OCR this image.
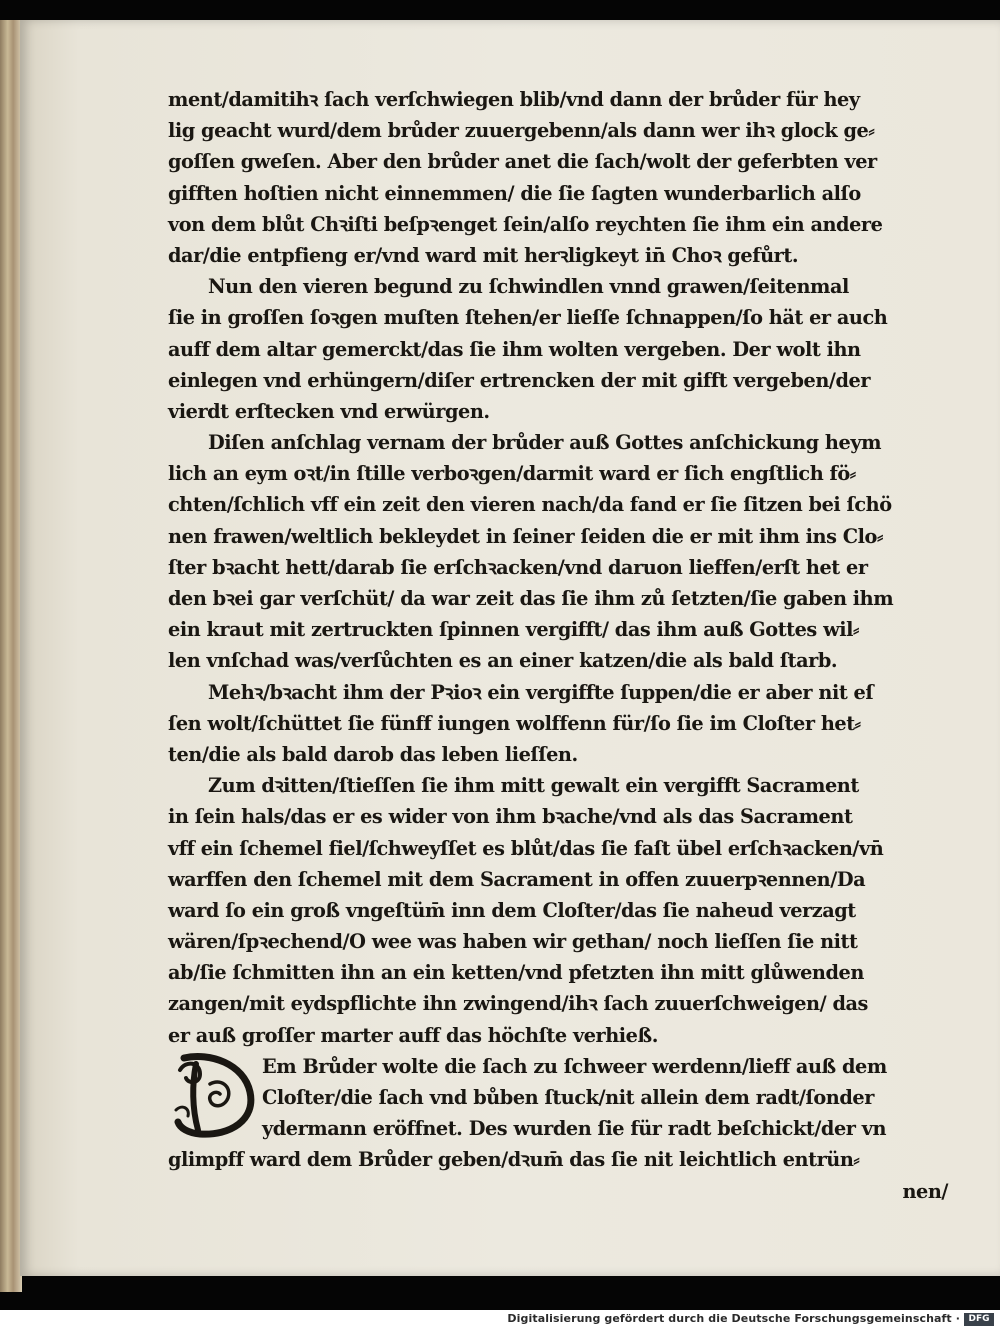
ment/damitihꝛ ſach verſchwiegen blib/vnd dann der brůder für hey
lig geacht wurd/dem brůder zuuergebenn/als dann wer ihꝛ glock ge⸗
goſſen gweſen. Aber den brůder anet die ſach/wolt der geferbten ver
gifften hoſtien nicht einnemmen/ die ſie ſagten wunderbarlich alſo
von dem blůt Chꝛiſti beſpꝛenget ſein/alſo reychten ſie ihm ein andere
dar/die entpfieng er/vnd ward mit herꝛligkeyt in̄ Choꝛ gefůrt.
Nun den vieren begund zu ſchwindlen vnnd grawen/ſeitenmal
ſie in groſſen ſoꝛgen muſten ſtehen/er lieſſe ſchnappen/ſo hät er auch
auff dem altar gemerckt/das ſie ihm wolten vergeben. Der wolt ihn
einlegen vnd erhüngern/diſer ertrencken der mit gifft vergeben/der
vierdt erſtecken vnd erwürgen.
Diſen anſchlag vernam der brůder auß Gottes anſchickung heym
lich an eym oꝛt/in ſtille verboꝛgen/darmit ward er ſich engſtlich fö⸗
chten/ſchlich vff ein zeit den vieren nach/da fand er ſie ſitzen bei ſchö
nen frawen/weltlich bekleydet in ſeiner ſeiden die er mit ihm ins Clo⸗
ſter bꝛacht hett/darab ſie erſchꝛacken/vnd daruon lieffen/erſt het er
den bꝛei gar verſchüt/ da war zeit das ſie ihm zů ſetzten/ſie gaben ihm
ein kraut mit zertruckten ſpinnen vergifft/ das ihm auß Gottes wil⸗
len vnſchad was/verſůchten es an einer katzen/die als bald ſtarb.
Mehꝛ/bꝛacht ihm der Pꝛioꝛ ein vergiffte ſuppen/die er aber nit eſ
ſen wolt/ſchüttet ſie fünff iungen wolffenn für/ſo ſie im Cloſter het⸗
ten/die als bald darob das leben lieſſen.
Zum dꝛitten/ſtieſſen ſie ihm mitt gewalt ein vergifft Sacrament
in ſein hals/das er es wider von ihm bꝛache/vnd als das Sacrament
vff ein ſchemel fiel/ſchweyſſet es blůt/das ſie faſt übel erſchꝛacken/vn̄
warffen den ſchemel mit dem Sacrament in offen zuuerpꝛennen/Da
ward ſo ein groß vngeſtüm̄ inn dem Cloſter/das ſie naheud verzagt
wären/ſpꝛechend/O wee was haben wir gethan/ noch lieſſen ſie nitt
ab/ſie ſchmitten ihn an ein ketten/vnd pfetzten ihn mitt glůwenden
zangen/mit eydspflichte ihn zwingend/ihꝛ ſach zuuerſchweigen/ das
er auß groſſer marter auff das höchſte verhieß.
Em Brůder wolte die ſach zu ſchweer werdenn/lieff auß dem
Cloſter/die ſach vnd bůben ſtuck/nit allein dem radt/ſonder
ydermann eröffnet. Des wurden ſie für radt beſchickt/der vn
glimpff ward dem Brůder geben/dꝛum̄ das ſie nit leichtlich entrün⸗
nen/
Digitalisierung gefördert durch die Deutsche Forschungsgemeinschaft · DFG
